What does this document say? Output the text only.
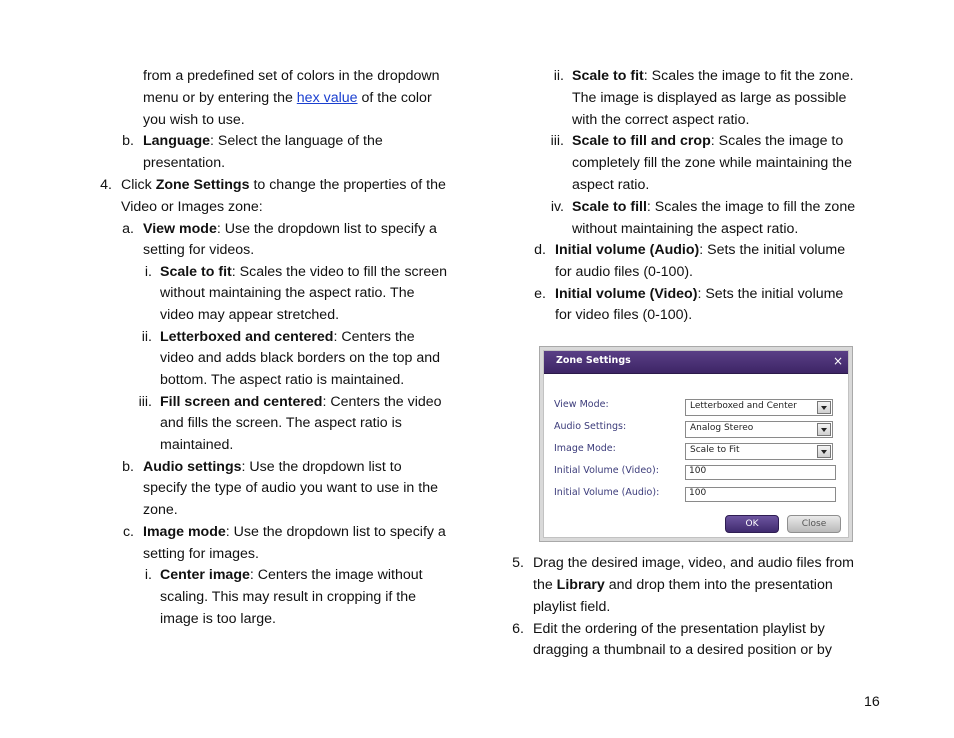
from a predefined set of colors in the dropdown
menu or by entering the hex value of the color
you wish to use.
b. Language: Select the language of the
presentation.
4. Click Zone Settings to change the properties of the
Video or Images zone:
a. View mode: Use the dropdown list to specify a
setting for videos.
i. Scale to fit: Scales the video to fill the screen
without maintaining the aspect ratio. The
video may appear stretched.
ii. Letterboxed and centered: Centers the
video and adds black borders on the top and
bottom. The aspect ratio is maintained.
iii. Fill screen and centered: Centers the video
and fills the screen. The aspect ratio is
maintained.
b. Audio settings: Use the dropdown list to
specify the type of audio you want to use in the
zone.
c. Image mode: Use the dropdown list to specify a
setting for images.
i. Center image: Centers the image without
scaling. This may result in cropping if the
image is too large.
ii. Scale to fit: Scales the image to fit the zone.
The image is displayed as large as possible
with the correct aspect ratio.
iii. Scale to fill and crop: Scales the image to
completely fill the zone while maintaining the
aspect ratio.
iv. Scale to fill: Scales the image to fill the zone
without maintaining the aspect ratio.
d. Initial volume (Audio): Sets the initial volume
for audio files (0-100).
e. Initial volume (Video): Sets the initial volume
for video files (0-100).
Zone Settings	×
View Mode:	Letterboxed and Center
Audio Settings:	Analog Stereo
Image Mode:	Scale to Fit
Initial Volume (Video):	100
Initial Volume (Audio):	100
OK	Close
5. Drag the desired image, video, and audio files from
the Library and drop them into the presentation
playlist field.
6. Edit the ordering of the presentation playlist by
dragging a thumbnail to a desired position or by
16
